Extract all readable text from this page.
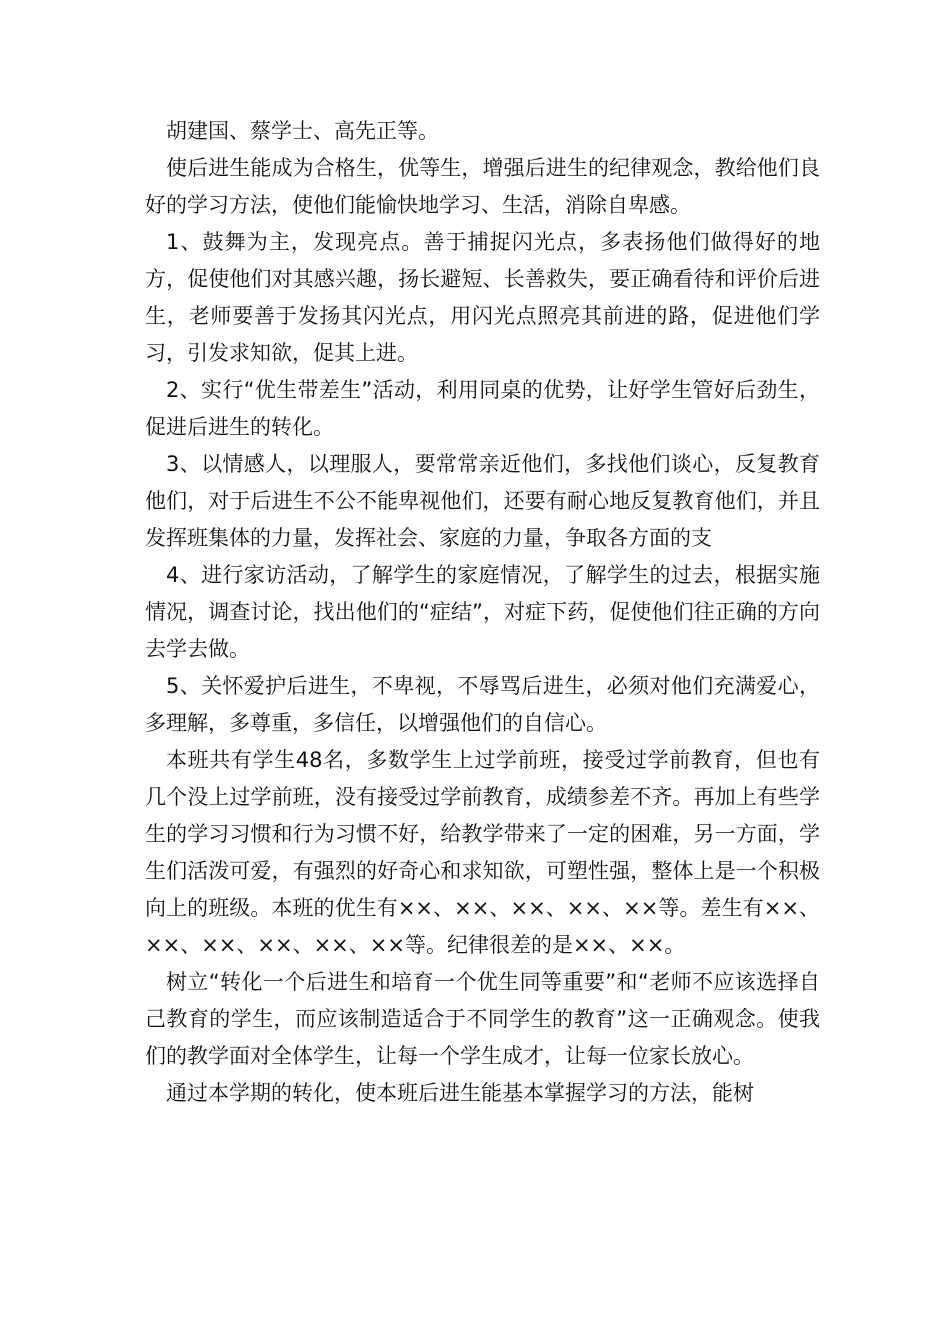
胡建国、蔡学士、高先正等。

使后进生能成为合格生，优等生，增强后进生的纪律观念，教给他们良好的学习方法，使他们能愉快地学习、生活，消除自卑感。

1、鼓舞为主，发现亮点。善于捕捉闪光点，多表扬他们做得好的地方，促使他们对其感兴趣，扬长避短、长善救失，要正确看待和评价后进生，老师要善于发扬其闪光点，用闪光点照亮其前进的路，促进他们学习，引发求知欲，促其上进。

2、实行“优生带差生”活动，利用同桌的优势，让好学生管好后劲生，促进后进生的转化。

3、以情感人，以理服人，要常常亲近他们，多找他们谈心，反复教育他们，对于后进生不公不能卑视他们，还要有耐心地反复教育他们，并且发挥班集体的力量，发挥社会、家庭的力量，争取各方面的支

4、进行家访活动，了解学生的家庭情况，了解学生的过去，根据实施情况，调查讨论，找出他们的“症结”，对症下药，促使他们往正确的方向去学去做。

5、关怀爱护后进生，不卑视，不辱骂后进生，必须对他们充满爱心，多理解，多尊重，多信任，以增强他们的自信心。

本班共有学生48名，多数学生上过学前班，接受过学前教育，但也有几个没上过学前班，没有接受过学前教育，成绩参差不齐。再加上有些学生的学习习惯和行为习惯不好，给教学带来了一定的困难，另一方面，学生们活泼可爱，有强烈的好奇心和求知欲，可塑性强，整体上是一个积极向上的班级。本班的优生有××、××、××、××、××等。差生有××、××、××、××、××、××等。纪律很差的是××、××。

树立“转化一个后进生和培育一个优生同等重要”和“老师不应该选择自己教育的学生，而应该制造适合于不同学生的教育”这一正确观念。使我们的教学面对全体学生，让每一个学生成才，让每一位家长放心。

通过本学期的转化，使本班后进生能基本掌握学习的方法，能树
